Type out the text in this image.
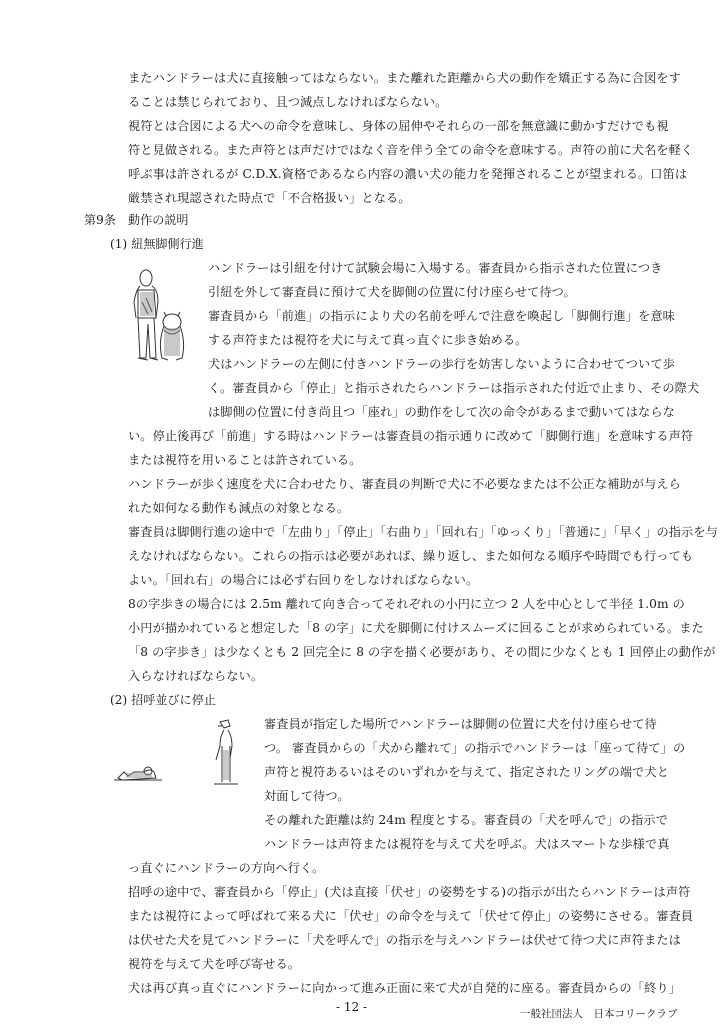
またハンドラーは犬に直接触ってはならない。また離れた距離から犬の動作を矯正する為に合図をす
ることは禁じられており、且つ減点しなければならない。
視符とは合図による犬への命令を意味し、身体の屈伸やそれらの一部を無意識に動かすだけでも視
符と見做される。また声符とは声だけではなく音を伴う全ての命令を意味する。声符の前に犬名を軽く
呼ぶ事は許されるが C.D.X.資格であるなら内容の濃い犬の能力を発揮されることが望まれる。口笛は
厳禁され現認された時点で「不合格扱い」となる。
第9条　動作の説明
(1) 紐無脚側行進
ハンドラーは引紐を付けて試験会場に入場する。審査員から指示された位置につき
引紐を外して審査員に預けて犬を脚側の位置に付け座らせて待つ。
審査員から「前進」の指示により犬の名前を呼んで注意を喚起し「脚側行進」を意味
する声符または視符を犬に与えて真っ直ぐに歩き始める。
犬はハンドラーの左側に付きハンドラーの歩行を妨害しないように合わせてついて歩
く。審査員から「停止」と指示されたらハンドラーは指示された付近で止まり、その際犬
は脚側の位置に付き尚且つ「座れ」の動作をして次の命令があるまで動いてはならな
い。停止後再び「前進」する時はハンドラーは審査員の指示通りに改めて「脚側行進」を意味する声符
または視符を用いることは許されている。
ハンドラーが歩く速度を犬に合わせたり、審査員の判断で犬に不必要なまたは不公正な補助が与えら
れた如何なる動作も減点の対象となる。
審査員は脚側行進の途中で「左曲り」「停止」「右曲り」「回れ右」「ゆっくり」「普通に」「早く」の指示を与
えなければならない。これらの指示は必要があれば、繰り返し、また如何なる順序や時間でも行っても
よい。「回れ右」の場合には必ず右回りをしなければならない。
8の字歩きの場合には 2.5m 離れて向き合ってそれぞれの小円に立つ 2 人を中心として半径 1.0m の
小円が描かれていると想定した「8 の字」に犬を脚側に付けスムーズに回ることが求められている。また
「8 の字歩き」は少なくとも 2 回完全に 8 の字を描く必要があり、その間に少なくとも 1 回停止の動作が
入らなければならない。
(2) 招呼並びに停止
審査員が指定した場所でハンドラーは脚側の位置に犬を付け座らせて待
つ。 審査員からの「犬から離れて」の指示でハンドラーは「座って待て」の
声符と視符あるいはそのいずれかを与えて、指定されたリングの端で犬と
対面して待つ。
その離れた距離は約 24m 程度とする。審査員の「犬を呼んで」の指示で
ハンドラーは声符または視符を与えて犬を呼ぶ。犬はスマートな歩様で真
っ直ぐにハンドラーの方向へ行く。
招呼の途中で、審査員から「停止」(犬は直接「伏せ」の姿勢をする)の指示が出たらハンドラーは声符
または視符によって呼ばれて来る犬に「伏せ」の命令を与えて「伏せて停止」の姿勢にさせる。審査員
は伏せた犬を見てハンドラーに「犬を呼んで」の指示を与えハンドラーは伏せて待つ犬に声符または
視符を与えて犬を呼び寄せる。
犬は再び真っ直ぐにハンドラーに向かって進み正面に来て犬が自発的に座る。審査員からの「終り」
- 12 -	一般社団法人　日本コリークラブ
